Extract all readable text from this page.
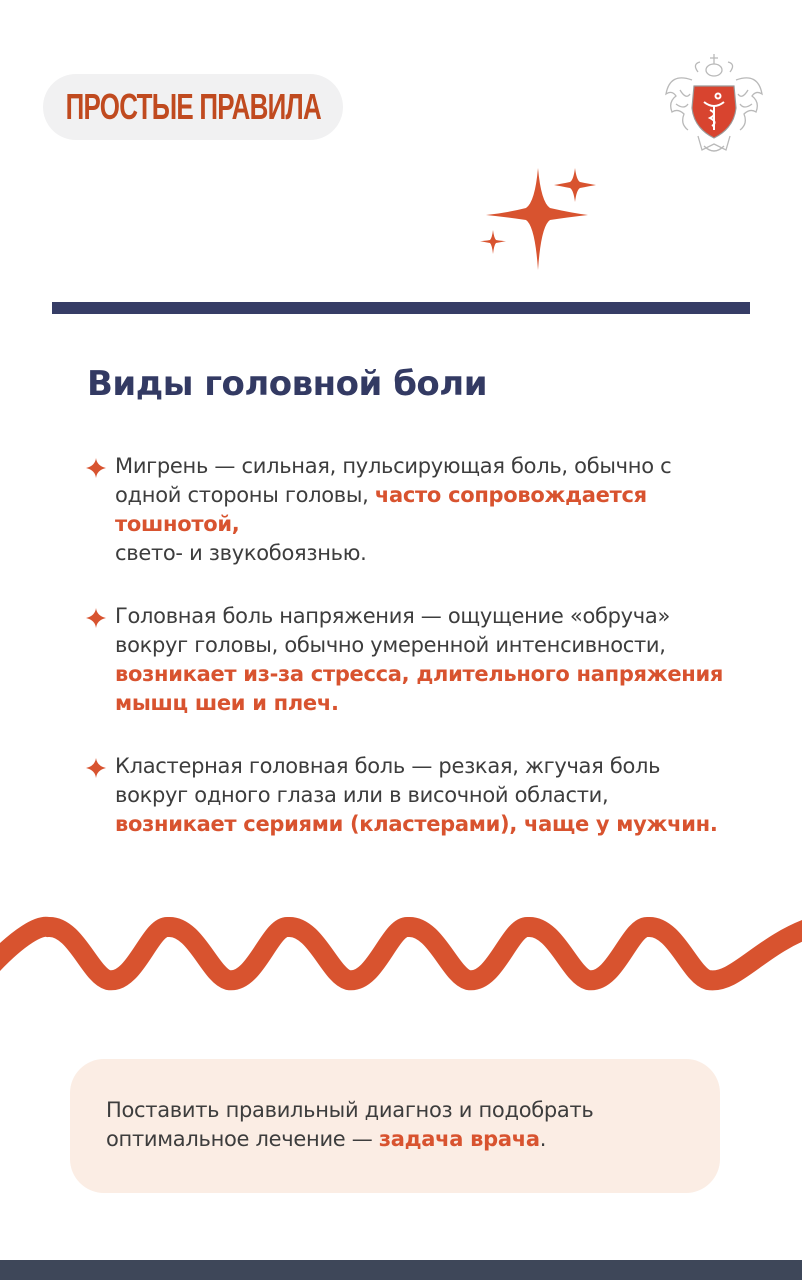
ПРОСТЫЕ ПРАВИЛА
Виды головной боли
Мигрень — сильная, пульсирующая боль, обычно с одной стороны головы, часто сопровождается тошнотой,
свето- и звукобоязнью.
Головная боль напряжения — ощущение «обруча» вокруг головы, обычно умеренной интенсивности, возникает из-за стресса, длительного напряжения мышц шеи и плеч.
Кластерная головная боль — резкая, жгучая боль вокруг одного глаза или в височной области, возникает сериями (кластерами), чаще у мужчин.
Поставить правильный диагноз и подобрать оптимальное лечение — задача врача.
